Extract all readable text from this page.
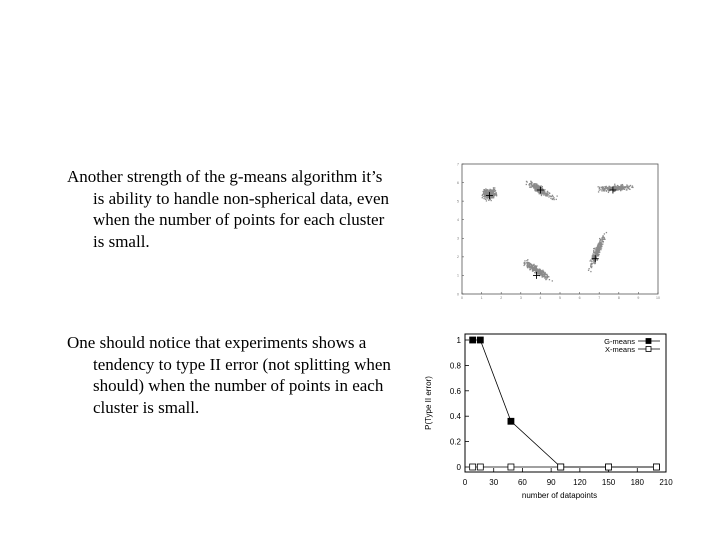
Another strength of the g-means algorithm it’s is ability to handle non-spherical data, even when the number of points for each cluster is small.
One should notice that experiments shows a tendency to type II error (not splitting when should) when the number of points in each cluster is small.
0	1	2	3	4	5	6	7	8	9	10
0
1
2
3
4
5
6
7
0	30 60 90 120 150 180 210
0
0.2
0.4
0.6
0.8
1
number of datapoints
P(Type II error)
G-means
X-means
